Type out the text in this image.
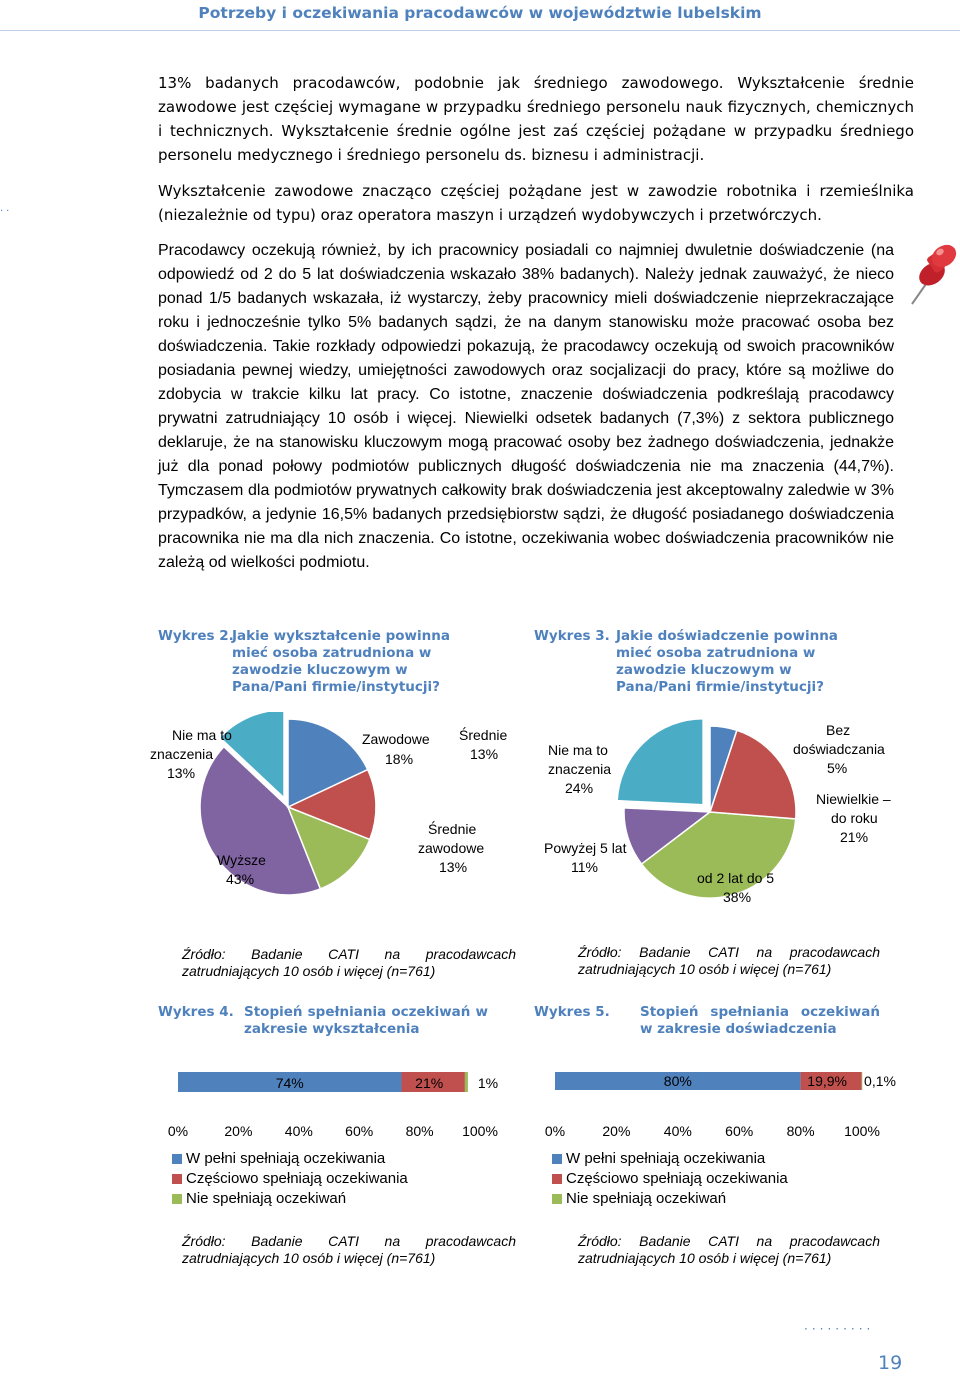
Potrzeby i oczekiwania pracodawców w województwie lubelskim
··

13% badanych pracodawców, podobnie jak średniego zawodowego. Wykształcenie średnie zawodowe jest częściej wymagane w przypadku średniego personelu nauk fizycznych, chemicznych i technicznych. Wykształcenie średnie ogólne jest zaś częściej pożądane w przypadku średniego personelu medycznego i średniego personelu ds. biznesu i administracji.

Wykształcenie zawodowe znacząco częściej pożądane jest w zawodzie robotnika i rzemieślnika (niezależnie od typu) oraz operatora maszyn i urządzeń wydobywczych i przetwórczych.

Pracodawcy oczekują również, by ich pracownicy posiadali co najmniej dwuletnie doświadczenie (na odpowiedź od 2 do 5 lat doświadczenia wskazało 38% badanych). Należy jednak zauważyć, że nieco ponad 1/5 badanych wskazała, iż wystarczy, żeby pracownicy mieli doświadczenie nieprzekraczające roku i jednocześnie tylko 5% badanych sądzi, że na danym stanowisku może pracować osoba bez doświadczenia. Takie rozkłady odpowiedzi pokazują, że pracodawcy oczekują od swoich pracowników posiadania pewnej wiedzy, umiejętności zawodowych oraz socjalizacji do pracy, które są możliwe do zdobycia w trakcie kilku lat pracy. Co istotne, znaczenie doświadczenia podkreślają pracodawcy prywatni zatrudniający 10 osób i więcej. Niewielki odsetek badanych (7,3%) z sektora publicznego deklaruje, że na stanowisku kluczowym mogą pracować osoby bez żadnego doświadczenia, jednakże już dla ponad połowy podmiotów publicznych długość doświadczenia nie ma znaczenia (44,7%). Tymczasem dla podmiotów prywatnych całkowity brak doświadczenia jest akceptowalny zaledwie w 3% przypadków, a jedynie 16,5% badanych przedsiębiorstw sądzi, że długość posiadanego doświadczenia pracownika nie ma dla nich znaczenia. Co istotne, oczekiwania wobec doświadczenia pracowników nie zależą od wielkości podmiotu.

Wykres 2.
Jakie wykształcenie powinna mieć osoba zatrudniona w zawodzie kluczowym w Pana/Pani firmie/instytucji?
Wykres 3. Jakie doświadczenie powinna mieć osoba zatrudniona w zawodzie kluczowym w Pana/Pani firmie/instytucji?
Nie ma to
znaczenia
13%
Zawodowe
18%
Średnie
13%
Średnie
zawodowe
13%
Wyższe
43%
Nie ma to
znaczenia
24%
Powyżej 5 lat
11%
Bez
doświadczania
5%
Niewielkie –
do roku
21%
od 2 lat do 5
38%
Źródło: Badanie CATI na pracodawcach zatrudniających 10 osób i więcej (n=761)
Źródło: Badanie CATI na pracodawcach zatrudniających 10 osób i więcej (n=761)
Wykres 4. Stopień spełniania oczekiwań w zakresie wykształcenia
Wykres 5. Stopień spełniania oczekiwań w zakresie doświadczenia
74%	21% 1%
0%	20% 40% 60% 80% 100%
80%	19,9% 0,1%
0%	20% 40% 60% 80% 100%
W pełni spełniają oczekiwania
Częściowo spełniają oczekiwania
Nie spełniają oczekiwań
W pełni spełniają oczekiwania
Częściowo spełniają oczekiwania
Nie spełniają oczekiwań
Źródło: Badanie CATI na pracodawcach zatrudniających 10 osób i więcej (n=761)
Źródło: Badanie CATI na pracodawcach zatrudniających 10 osób i więcej (n=761)
·········
19
